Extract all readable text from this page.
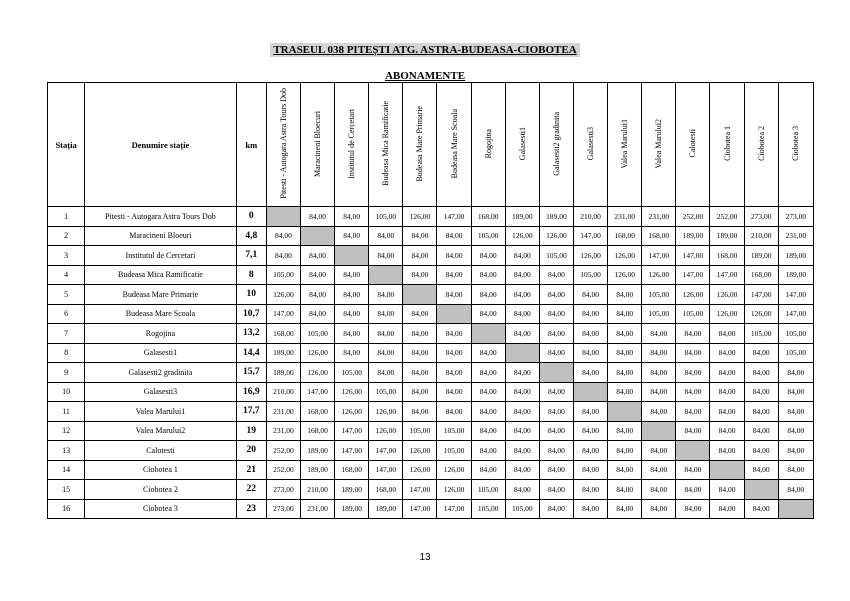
TRASEUL 038 PITEȘTI ATG. ASTRA-BUDEASA-CIOBOTEA
ABONAMENTE
Stația	Denumire stație	km	Pitesti - Autogara Astra Tours Dob	Maracineni Bloecuri	Institutul de Cercetari	Budeasa Mica Ramificatie	Budeasa Mare Primarie	Budeasa Mare Scoala	Rogojina	Galasesti1	Galasesti2 gradinita	Galasesti3	Valea Marului1	Valea Marului2	Calotesti	Ciobotea 1	Ciobotea 2	Ciobotea 3
1	Pitesti - Autogara Astra Tours Dob	0		84,00	84,00	105,00	126,00	147,00	168,00	189,00	189,00	210,00	231,00	231,00	252,00	252,00	273,00	273,00
2	Maracineni Bloeuri	4,8	84,00		84,00	84,00	84,00	84,00	105,00	126,00	126,00	147,00	168,00	168,00	189,00	189,00	210,00	231,00
3	Institutul de Cercetari	7,1	84,00	84,00		84,00	84,00	84,00	84,00	84,00	105,00	126,00	126,00	147,00	147,00	168,00	189,00	189,00
4	Budeasa Mica Ramificatie	8	105,00	84,00	84,00		84,00	84,00	84,00	84,00	84,00	105,00	126,00	126,00	147,00	147,00	168,00	189,00
5	Budeasa Mare Primarie	10	126,00	84,00	84,00	84,00		84,00	84,00	84,00	84,00	84,00	84,00	105,00	126,00	126,00	147,00	147,00
6	Budeasa Mare Scoala	10,7	147,00	84,00	84,00	84,00	84,00		84,00	84,00	84,00	84,00	84,00	105,00	105,00	126,00	126,00	147,00
7	Rogojina	13,2	168,00	105,00	84,00	84,00	84,00	84,00		84,00	84,00	84,00	84,00	84,00	84,00	84,00	105,00	105,00
8	Galasesti1	14,4	189,00	126,00	84,00	84,00	84,00	84,00	84,00		84,00	84,00	84,00	84,00	84,00	84,00	84,00	105,00
9	Galasesti2 gradinita	15,7	189,00	126,00	105,00	84,00	84,00	84,00	84,00	84,00		84,00	84,00	84,00	84,00	84,00	84,00	84,00
10	Galasesti3	16,9	210,00	147,00	126,00	105,00	84,00	84,00	84,00	84,00	84,00		84,00	84,00	84,00	84,00	84,00	84,00
11	Valea Marului1	17,7	231,00	168,00	126,00	126,00	84,00	84,00	84,00	84,00	84,00	84,00		84,00	84,00	84,00	84,00	84,00
12	Valea Marului2	19	231,00	168,00	147,00	126,00	105,00	105,00	84,00	84,00	84,00	84,00	84,00		84,00	84,00	84,00	84,00
13	Calotesti	20	252,00	189,00	147,00	147,00	126,00	105,00	84,00	84,00	84,00	84,00	84,00	84,00		84,00	84,00	84,00
14	Ciobotea 1	21	252,00	189,00	168,00	147,00	126,00	126,00	84,00	84,00	84,00	84,00	84,00	84,00	84,00		84,00	84,00
15	Ciobotea 2	22	273,00	210,00	189,00	168,00	147,00	126,00	105,00	84,00	84,00	84,00	84,00	84,00	84,00	84,00		84,00
16	Ciobotea 3	23	273,00	231,00	189,00	189,00	147,00	147,00	105,00	105,00	84,00	84,00	84,00	84,00	84,00	84,00	84,00	
13
